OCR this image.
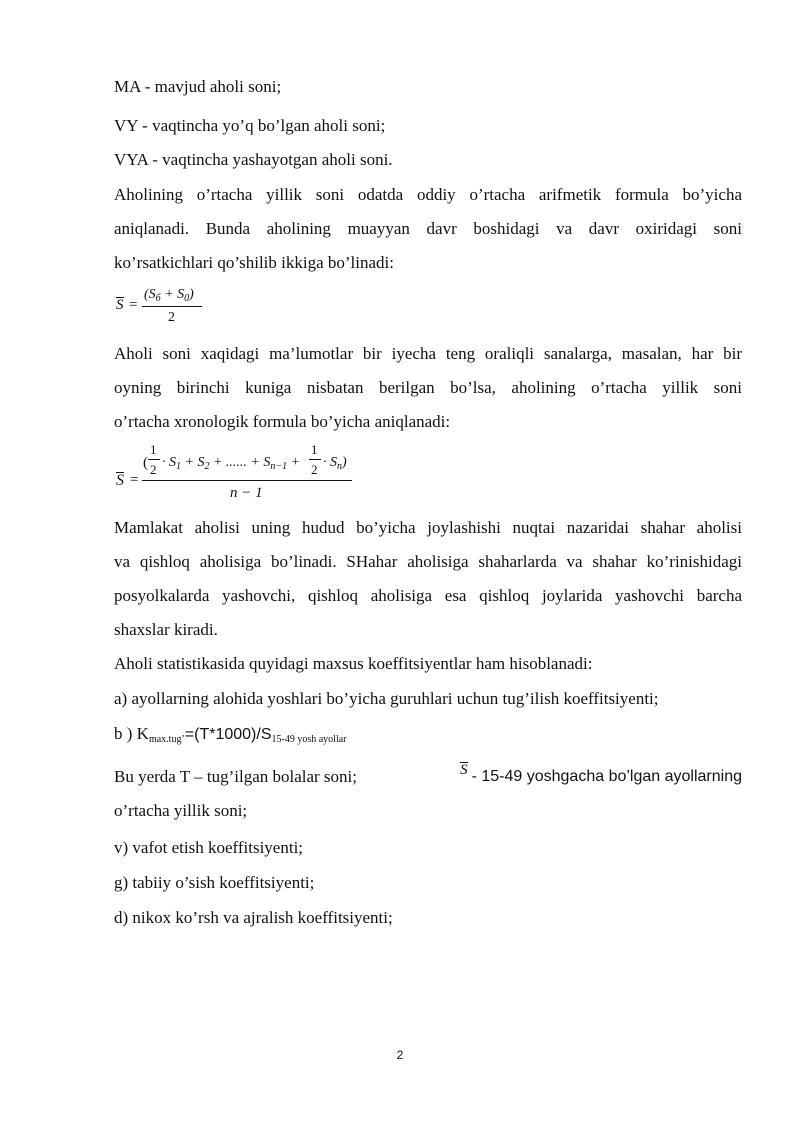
MA - mavjud aholi soni;
VY - vaqtincha yo’q bo’lgan aholi soni;
VYA - vaqtincha yashayotgan aholi soni.
Aholining o’rtacha yillik soni odatda oddiy o’rtacha arifmetik formula bo’yicha
aniqlanadi. Bunda aholining muayyan davr boshidagi va davr oxiridagi soni
ko’rsatkichlari qo’shilib ikkiga bo’linadi:
S =
$(S_б + S_0)$
2
Aholi soni xaqidagi ma’lumotlar bir iyecha teng oraliqli sanalarga, masalan, har bir
oyning birinchi kuniga nisbatan berilgan bo’lsa, aholining o’rtacha yillik soni
o’rtacha xronologik formula bo’yicha aniqlanadi:
S =
(
1
$2 \cdot S_1 + S_2$ + ...... + $S_{n-1}$ +
1
$2 \cdot S_n$)
n − 1
Mamlakat aholisi uning hudud bo’yicha joylashishi nuqtai nazaridai shahar aholisi
va qishloq aholisiga bo’linadi. SHahar aholisiga shaharlarda va shahar ko’rinishidagi
posyolkalarda yashovchi, qishloq aholisiga esa qishloq joylarida yashovchi barcha
shaxslar kiradi.
Aholi statistikasida quyidagi maxsus koeffitsiyentlar ham hisoblanadi:
a) ayollarning alohida yoshlari bo’yicha guruhlari uchun tug’ilish koeffitsiyenti;
b ) $K_{max.tug’}=(T*1000)/S_{15-49 yosh ayollar}$
Bu yerda T – tug’ilgan bolalar soni;	S - 15-49 yoshgacha bo’lgan ayollarning
o’rtacha yillik soni;
v) vafot etish koeffitsiyenti;
g) tabiiy o’sish koeffitsiyenti;
d) nikox ko’rsh va ajralish koeffitsiyenti;
2
